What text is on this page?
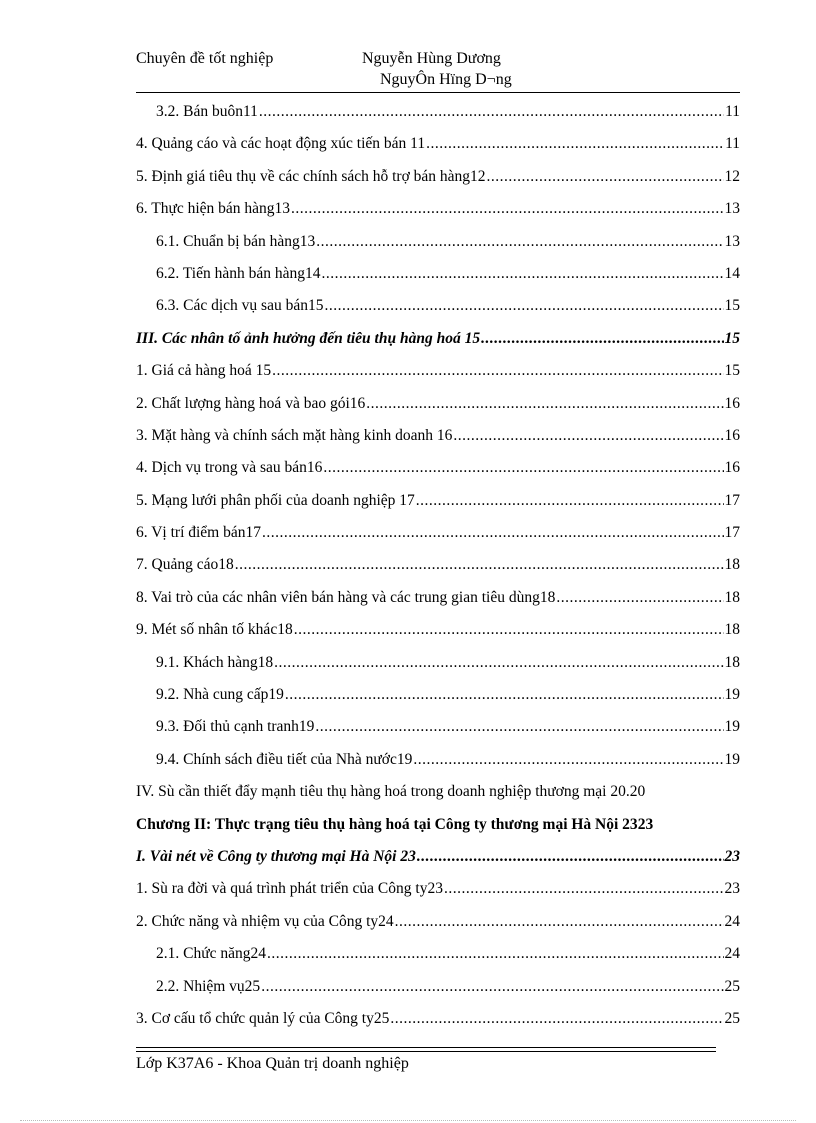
Chuyên đề tốt nghiệp	Nguyễn Hùng Dương
NguyÔn Hïng D¬ng
3.2. Bán buôn11 .....	11
4. Quảng cáo và các hoạt động xúc tiến bán 11 .....	11
5. Định giá tiêu thụ về các chính sách hỗ trợ bán hàng12 .....	12
6. Thực hiện bán hàng13 .....	13
6.1. Chuẩn bị bán hàng13 .....	13
6.2. Tiến hành bán hàng14 .....	14
6.3. Các dịch vụ sau bán15 .....	15
III. Các nhân tố ảnh hưởng đến tiêu thụ hàng hoá 15 .....	15
1. Giá cả hàng hoá 15 .....	15
2. Chất lượng hàng hoá và bao gói16 .....	16
3. Mặt hàng và chính sách mặt hàng kinh doanh 16 .....	16
4. Dịch vụ trong và sau bán16 .....	16
5. Mạng lưới phân phối của doanh nghiệp 17 .....	17
6. Vị trí điểm bán17 .....	17
7. Quảng cáo18 .....	18
8. Vai trò của các nhân viên bán hàng và các trung gian tiêu dùng18 .....	18
9. Mét số nhân tố khác18 .....	18
9.1. Khách hàng18 .....	18
9.2. Nhà cung cấp19 .....	19
9.3. Đối thủ cạnh tranh19 .....	19
9.4. Chính sách điều tiết của Nhà nước19 .....	19
IV. Sù cần thiết đẩy mạnh tiêu thụ hàng hoá trong doanh nghiệp thương mại 20 .20
Chương II: Thực trạng tiêu thụ hàng hoá tại Công ty thương mại Hà Nội 23 23
I. Vài nét về Công ty thương mại Hà Nội 23 .....	23
1. Sù ra đời và quá trình phát triển của Công ty23 .....	23
2. Chức năng và nhiệm vụ của Công ty24 .....	24
2.1. Chức năng24 .....	24
2.2. Nhiệm vụ25 .....	25
3. Cơ cấu tổ chức quản lý của Công ty25 .....	25
Lớp K37A6 - Khoa Quản trị doanh nghiệp
